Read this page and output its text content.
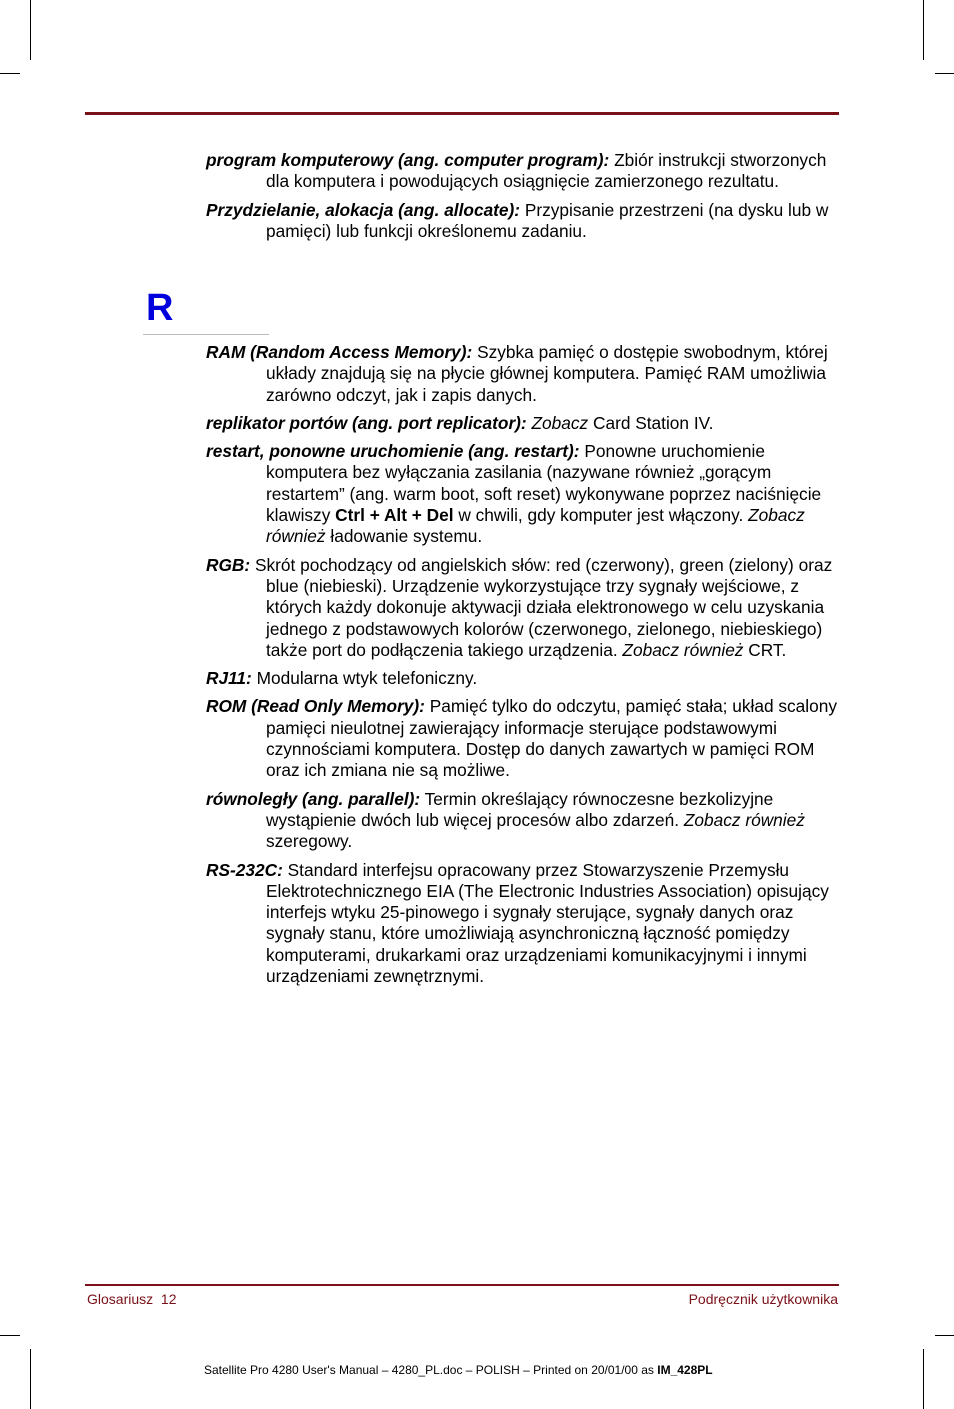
program komputerowy (ang. computer program): Zbiór instrukcji stworzonych dla komputera i powodujących osiągnięcie zamierzonego rezultatu.

Przydzielanie, alokacja (ang. allocate): Przypisanie przestrzeni (na dysku lub w pamięci) lub funkcji określonemu zadaniu.

R

RAM (Random Access Memory): Szybka pamięć o dostępie swobodnym, której układy znajdują się na płycie głównej komputera. Pamięć RAM umożliwia zarówno odczyt, jak i zapis danych.

replikator portów (ang. port replicator): Zobacz Card Station IV.

restart, ponowne uruchomienie (ang. restart): Ponowne uruchomienie komputera bez wyłączania zasilania (nazywane również „gorącym restartem” (ang. warm boot, soft reset) wykonywane poprzez naciśnięcie klawiszy Ctrl + Alt + Del w chwili, gdy komputer jest włączony. Zobacz również ładowanie systemu.

RGB: Skrót pochodzący od angielskich słów: red (czerwony), green (zielony) oraz blue (niebieski). Urządzenie wykorzystujące trzy sygnały wejściowe, z których każdy dokonuje aktywacji działa elektronowego w celu uzyskania jednego z podstawowych kolorów (czerwonego, zielonego, niebieskiego) także port do podłączenia takiego urządzenia. Zobacz również CRT.

RJ11: Modularna wtyk telefoniczny.

ROM (Read Only Memory): Pamięć tylko do odczytu, pamięć stała; układ scalony pamięci nieulotnej zawierający informacje sterujące podstawowymi czynnościami komputera. Dostęp do danych zawartych w pamięci ROM oraz ich zmiana nie są możliwe.

równoległy (ang. parallel): Termin określający równoczesne bezkolizyjne wystąpienie dwóch lub więcej procesów albo zdarzeń. Zobacz również szeregowy.

RS-232C: Standard interfejsu opracowany przez Stowarzyszenie Przemysłu Elektrotechnicznego EIA (The Electronic Industries Association) opisujący interfejs wtyku 25-pinowego i sygnały sterujące, sygnały danych oraz sygnały stanu, które umożliwiają asynchroniczną łączność pomiędzy komputerami, drukarkami oraz urządzeniami komunikacyjnymi i innymi urządzeniami zewnętrznymi.

Glosariusz  12	Podręcznik użytkownika
Satellite Pro 4280 User's Manual – 4280_PL.doc – POLISH – Printed on 20/01/00 as IM_428PL
